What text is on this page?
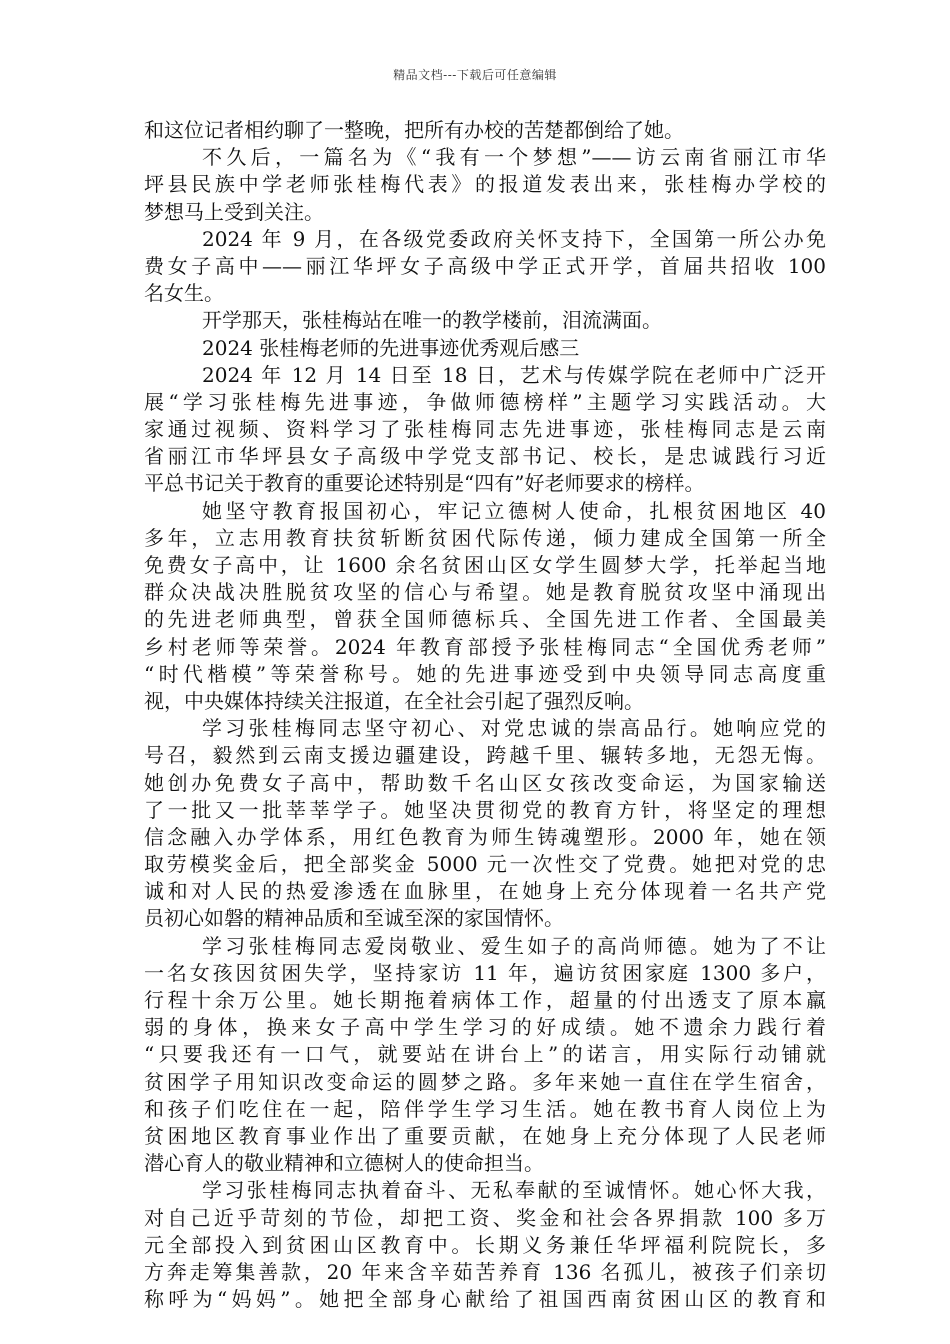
精品文档---下载后可任意编辑
和这位记者相约聊了一整晚，把所有办校的苦楚都倒给了她。
不久后，一篇名为《“我有一个梦想”——访云南省丽江市华
坪县民族中学老师张桂梅代表》的报道发表出来，张桂梅办学校的
梦想马上受到关注。
2024 年 9 月，在各级党委政府关怀支持下，全国第一所公办免
费女子高中——丽江华坪女子高级中学正式开学，首届共招收 100
名女生。
开学那天，张桂梅站在唯一的教学楼前，泪流满面。
2024 张桂梅老师的先进事迹优秀观后感三
2024 年 12 月 14 日至 18 日，艺术与传媒学院在老师中广泛开
展“学习张桂梅先进事迹，争做师德榜样”主题学习实践活动。大
家通过视频、资料学习了张桂梅同志先进事迹，张桂梅同志是云南
省丽江市华坪县女子高级中学党支部书记、校长，是忠诚践行习近
平总书记关于教育的重要论述特别是“四有”好老师要求的榜样。
她坚守教育报国初心，牢记立德树人使命，扎根贫困地区 40
多年，立志用教育扶贫斩断贫困代际传递，倾力建成全国第一所全
免费女子高中，让 1600 余名贫困山区女学生圆梦大学，托举起当地
群众决战决胜脱贫攻坚的信心与希望。她是教育脱贫攻坚中涌现出
的先进老师典型，曾获全国师德标兵、全国先进工作者、全国最美
乡村老师等荣誉。2024 年教育部授予张桂梅同志“全国优秀老师”
“时代楷模”等荣誉称号。她的先进事迹受到中央领导同志高度重
视，中央媒体持续关注报道，在全社会引起了强烈反响。
学习张桂梅同志坚守初心、对党忠诚的崇高品行。她响应党的
号召，毅然到云南支援边疆建设，跨越千里、辗转多地，无怨无悔。
她创办免费女子高中，帮助数千名山区女孩改变命运，为国家输送
了一批又一批莘莘学子。她坚决贯彻党的教育方针，将坚定的理想
信念融入办学体系，用红色教育为师生铸魂塑形。2000 年，她在领
取劳模奖金后，把全部奖金 5000 元一次性交了党费。她把对党的忠
诚和对人民的热爱渗透在血脉里，在她身上充分体现着一名共产党
员初心如磐的精神品质和至诚至深的家国情怀。
学习张桂梅同志爱岗敬业、爱生如子的高尚师德。她为了不让
一名女孩因贫困失学，坚持家访 11 年，遍访贫困家庭 1300 多户，
行程十余万公里。她长期拖着病体工作，超量的付出透支了原本羸
弱的身体，换来女子高中学生学习的好成绩。她不遗余力践行着
“只要我还有一口气，就要站在讲台上”的诺言，用实际行动铺就
贫困学子用知识改变命运的圆梦之路。多年来她一直住在学生宿舍，
和孩子们吃住在一起，陪伴学生学习生活。她在教书育人岗位上为
贫困地区教育事业作出了重要贡献，在她身上充分体现了人民老师
潜心育人的敬业精神和立德树人的使命担当。
学习张桂梅同志执着奋斗、无私奉献的至诚情怀。她心怀大我，
对自己近乎苛刻的节俭，却把工资、奖金和社会各界捐款 100 多万
元全部投入到贫困山区教育中。长期义务兼任华坪福利院院长，多
方奔走筹集善款，20 年来含辛茹苦养育 136 名孤儿，被孩子们亲切
称呼为“妈妈”。她把全部身心献给了祖国西南贫困山区的教育和
